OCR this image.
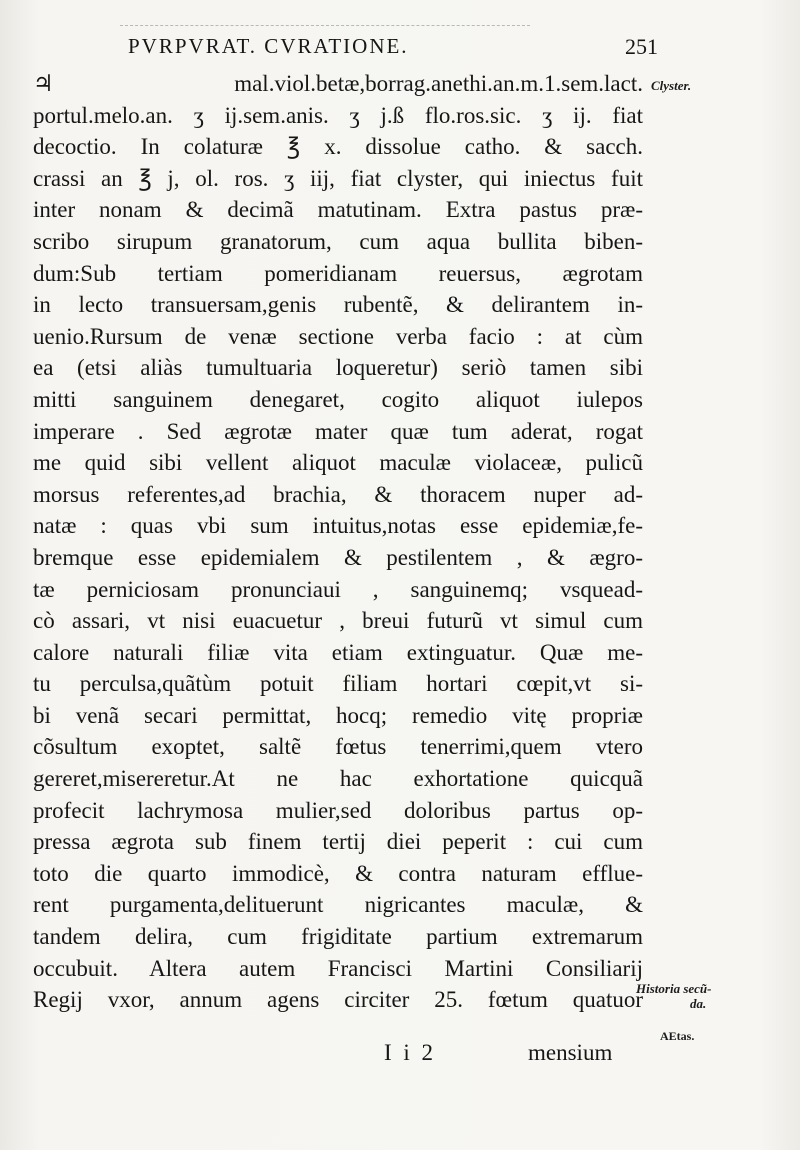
PVRPVRAT. CVRATIONE.	251
Clyster.
Historia secũ-
da.
AEtas.
♃ mal.viol.betæ,borrag.anethi.an.m.1.sem.lact.
portul.melo.an. ʒ ij.sem.anis. ʒ j.ß flo.ros.sic. ʒ ij. fiat
decoctio. In colaturæ ℥ x. dissolue catho. & sacch.
crassi an ℥ j, ol. ros. ʒ iij, fiat clyster, qui iniectus fuit
inter nonam & decimã matutinam. Extra pastus præ-
scribo sirupum granatorum, cum aqua bullita biben-
dum:Sub tertiam pomeridianam reuersus, ægrotam
in lecto transuersam,genis rubentẽ, & delirantem in-
uenio.Rursum de venæ sectione verba facio : at cùm
ea (etsi aliàs tumultuaria loqueretur) seriò tamen sibi
mitti sanguinem denegaret, cogito aliquot iulepos
imperare . Sed ægrotæ mater quæ tum aderat, rogat
me quid sibi vellent aliquot maculæ violaceæ, pulicũ
morsus referentes,ad brachia, & thoracem nuper ad-
natæ : quas vbi sum intuitus,notas esse epidemiæ,fe-
bremque esse epidemialem & pestilentem , & ægro-
tæ perniciosam pronunciaui , sanguinemq; vsquead-
cò assari, vt nisi euacuetur , breui futurũ vt simul cum
calore naturali filiæ vita etiam extinguatur. Quæ me-
tu perculsa,quãtùm potuit filiam hortari cœpit,vt si-
bi venã secari permittat, hocq; remedio vitę propriæ
cõsultum exoptet, saltẽ fœtus tenerrimi,quem vtero
gereret,misereretur.At ne hac exhortatione quicquã
profecit lachrymosa mulier,sed doloribus partus op-
pressa ægrota sub finem tertij diei peperit : cui cum
toto die quarto immodicè, & contra naturam effluе-
rent purgamenta,delituerunt nigricantes maculæ, &
tandem delira, cum frigiditate partium extremarum
occubuit. Altera autem Francisci Martini Consiliarij
Regij vxor, annum agens circiter 25. fœtum quatuor
I i 2	mensium
